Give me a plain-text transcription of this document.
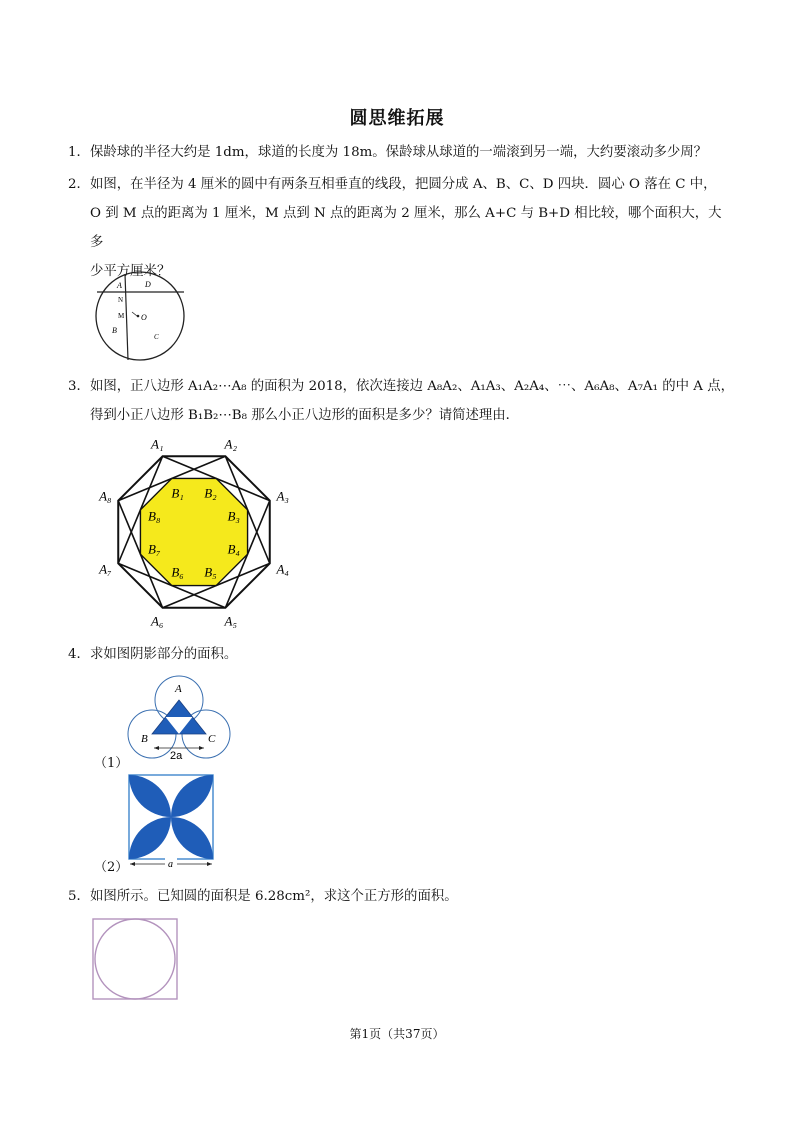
圆思维拓展
1．保龄球的半径大约是 1dm，球道的长度为 18m。保龄球从球道的一端滚到另一端，大约要滚动多少周？
2．如图，在半径为 4 厘米的圆中有两条互相垂直的线段，把圆分成 A、B、C、D 四块．圆心 O 落在 C 中，
O 到 M 点的距离为 1 厘米，M 点到 N 点的距离为 2 厘米，那么 A+C 与 B+D 相比较，哪个面积大，大多
少平方厘米？
A	D
N
M O
B
C
3．如图，正八边形 A₁A₂⋯A₈ 的面积为 2018，依次连接边 A₈A₂、A₁A₃、A₂A₄、⋯、A₆A₈、A₇A₁ 的中 A 点，
得到小正八边形 B₁B₂⋯B₈ 那么小正八边形的面积是多少？请简述理由．
A₁
B₁
A₂
B₂	A₃
B₃
A₄
B₄
A₅
B₅
A₆
B₆
A₇
B₇
A₈
B₈
4．求如图阴影部分的面积。
A
B	C
2a
（1）
a
（2）
5．如图所示。已知圆的面积是 6.28cm²，求这个正方形的面积。
第1页（共37页）
